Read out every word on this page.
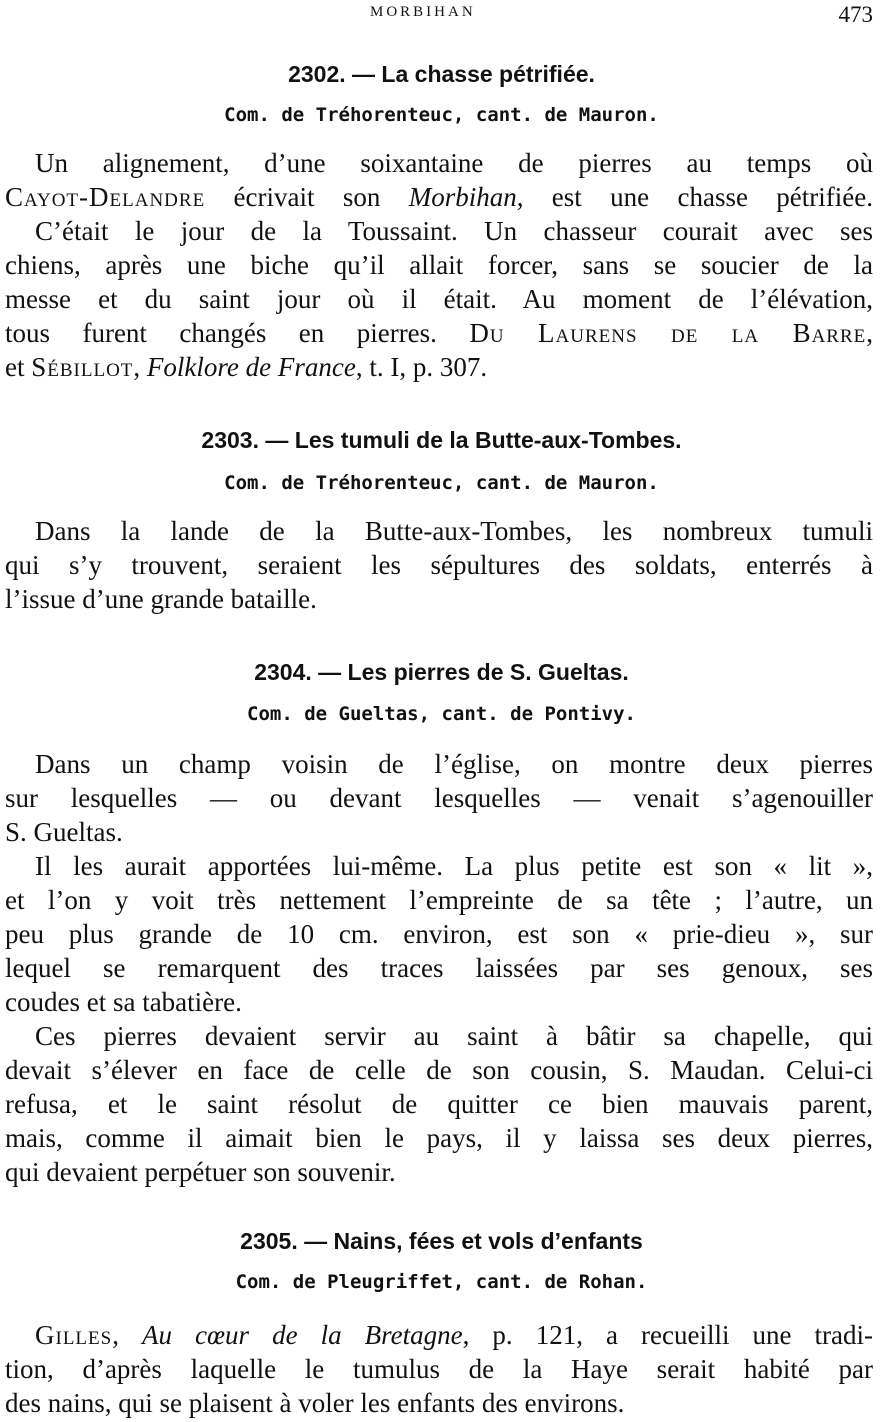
MORBIHAN	473
2302. — La chasse pétrifiée.
Com. de Tréhorenteuc, cant. de Mauron.
Un alignement, d’une soixantaine de pierres au temps où
Cayot-Delandre écrivait son Morbihan, est une chasse pétrifiée.
C’était le jour de la Toussaint. Un chasseur courait avec ses
chiens, après une biche qu’il allait forcer, sans se soucier de la
messe et du saint jour où il était. Au moment de l’élévation,
tous furent changés en pierres. Du Laurens de la Barre,
et Sébillot, Folklore de France, t. I, p. 307.
2303. — Les tumuli de la Butte-aux-Tombes.
Com. de Tréhorenteuc, cant. de Mauron.
Dans la lande de la Butte-aux-Tombes, les nombreux tumuli
qui s’y trouvent, seraient les sépultures des soldats, enterrés à
l’issue d’une grande bataille.
2304. — Les pierres de S. Gueltas.
Com. de Gueltas, cant. de Pontivy.
Dans un champ voisin de l’église, on montre deux pierres
sur lesquelles — ou devant lesquelles — venait s’agenouiller
S. Gueltas.
Il les aurait apportées lui-même. La plus petite est son « lit »,
et l’on y voit très nettement l’empreinte de sa tête ; l’autre, un
peu plus grande de 10 cm. environ, est son « prie-dieu », sur
lequel se remarquent des traces laissées par ses genoux, ses
coudes et sa tabatière.
Ces pierres devaient servir au saint à bâtir sa chapelle, qui
devait s’élever en face de celle de son cousin, S. Maudan. Celui-ci
refusa, et le saint résolut de quitter ce bien mauvais parent,
mais, comme il aimait bien le pays, il y laissa ses deux pierres,
qui devaient perpétuer son souvenir.
2305. — Nains, fées et vols d’enfants
Com. de Pleugriffet, cant. de Rohan.
Gilles, Au cœur de la Bretagne, p. 121, a recueilli une tradi-
tion, d’après laquelle le tumulus de la Haye serait habité par
des nains, qui se plaisent à voler les enfants des environs.
